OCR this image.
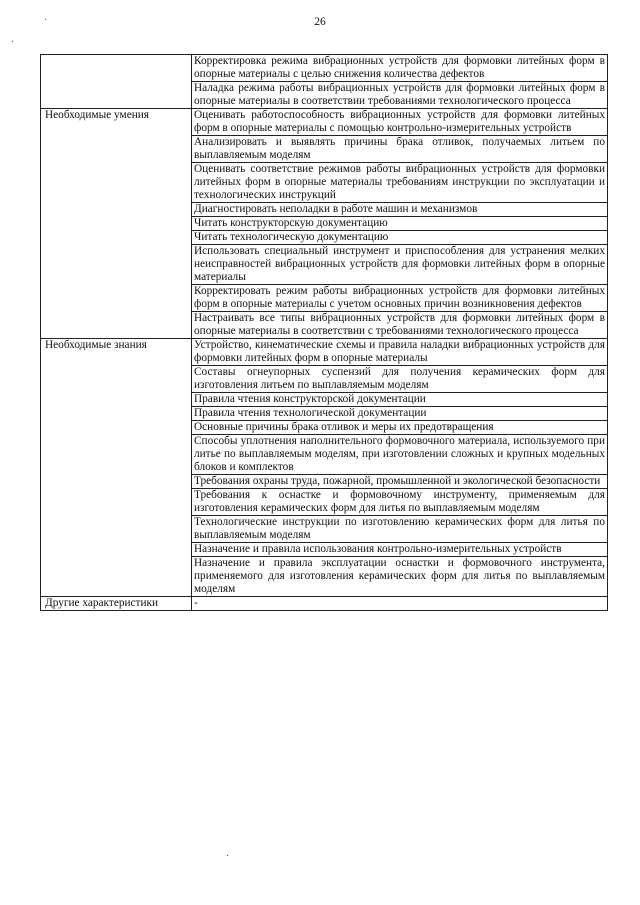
26
·
·
·
	Корректировка режима вибрационных устройств для формовки литейных форм в опорные материалы с целью снижения количества дефектов
	Наладка режима работы вибрационных устройств для формовки литейных форм в опорные материалы в соответствии требованиями технологического процесса
Необходимые умения	Оценивать работоспособность вибрационных устройств для формовки литейных форм в опорные материалы с помощью контрольно-измерительных устройств
	Анализировать и выявлять причины брака отливок, получаемых литьем по выплавляемым моделям
	Оценивать соответствие режимов работы вибрационных устройств для формовки литейных форм в опорные материалы требованиям инструкции по эксплуатации и технологических инструкций
	Диагностировать неполадки в работе машин и механизмов
	Читать конструкторскую документацию
	Читать технологическую документацию
	Использовать специальный инструмент и приспособления для устранения мелких неисправностей вибрационных устройств для формовки литейных форм в опорные материалы
	Корректировать режим работы вибрационных устройств для формовки литейных форм в опорные материалы с учетом основных причин возникновения дефектов
	Настраивать все типы вибрационных устройств для формовки литейных форм в опорные материалы в соответствии с требованиями технологического процесса
Необходимые знания	Устройство, кинематические схемы и правила наладки вибрационных устройств для формовки литейных форм в опорные материалы
	Составы огнеупорных суспензий для получения керамических форм для изготовления литьем по выплавляемым моделям
	Правила чтения конструкторской документации
	Правила чтения технологической документации
	Основные причины брака отливок и меры их предотвращения
	Способы уплотнения наполнительного формовочного материала, используемого при литье по выплавляемым моделям, при изготовлении сложных и крупных модельных блоков и комплектов
	Требования охраны труда, пожарной, промышленной и экологической безопасности
	Требования к оснастке и формовочному инструменту, применяемым для изготовления керамических форм для литья по выплавляемым моделям
	Технологические инструкции по изготовлению керамических форм для литья по выплавляемым моделям
	Назначение и правила использования контрольно-измерительных устройств
	Назначение и правила эксплуатации оснастки и формовочного инструмента, применяемого для изготовления керамических форм для литья по выплавляемым моделям
Другие характеристики	-
